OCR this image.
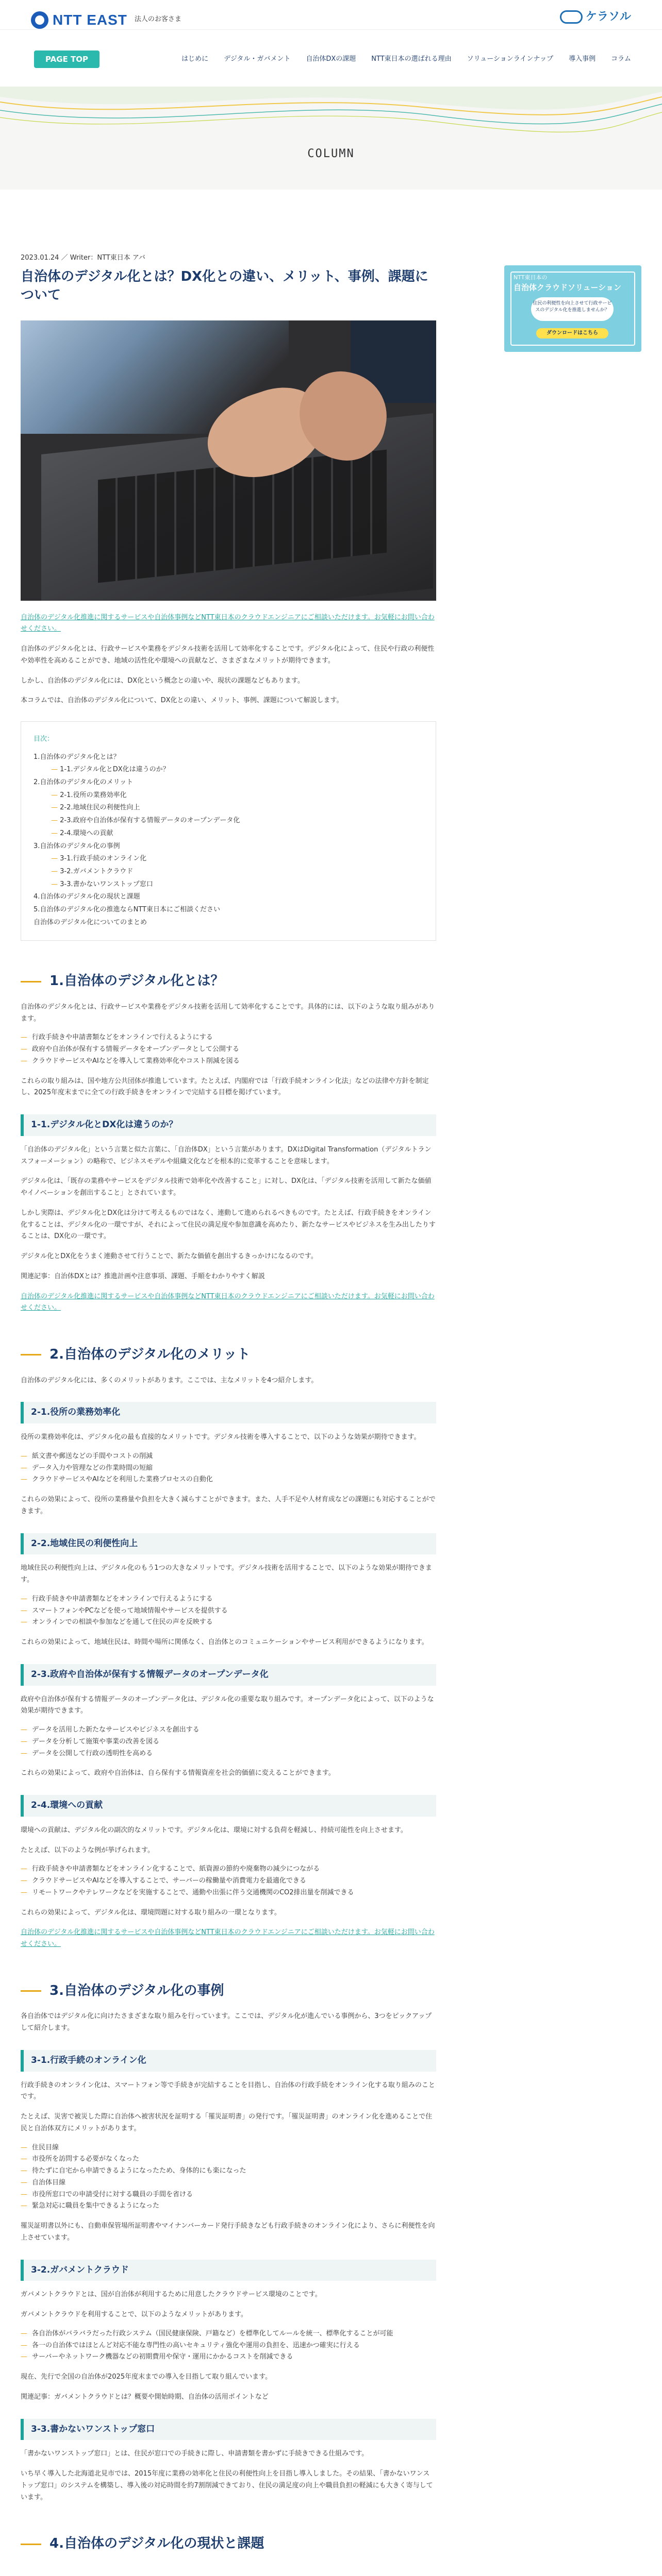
NTT EAST 法人のお客さま	ケラソル
PAGE TOP	はじめに デジタル・ガバメント 自治体DXの課題 NTT東日本の選ばれる理由 ソリューションラインナップ 導入事例 コラム
COLUMN
2023.01.24 ／ Writer：NTT東日本 アバ
自治体のデジタル化とは？DX化との違い、メリット、事例、課題について

自治体のデジタル化推進に関するサービスや自治体事例などNTT東日本のクラウドエンジニアにご相談いただけます。お気軽にお問い合わせください。

自治体のデジタル化とは、行政サービスや業務をデジタル技術を活用して効率化することです。デジタル化によって、住民や行政の利便性や効率性を高めることができ、地域の活性化や環境への貢献など、さまざまなメリットが期待できます。

しかし、自治体のデジタル化には、DX化という概念との違いや、現状の課題などもあります。

本コラムでは、自治体のデジタル化について、DX化との違い、メリット、事例、課題について解説します。

目次：
1.自治体のデジタル化とは？
— 1-1.デジタル化とDX化は違うのか？
2.自治体のデジタル化のメリット
— 2-1.役所の業務効率化
— 2-2.地域住民の利便性向上
— 2-3.政府や自治体が保有する情報データのオープンデータ化
— 2-4.環境への貢献
3.自治体のデジタル化の事例
— 3-1.行政手続のオンライン化
— 3-2.ガバメントクラウド
— 3-3.書かないワンストップ窓口
4.自治体のデジタル化の現状と課題
5.自治体のデジタル化の推進ならNTT東日本にご相談ください
自治体のデジタル化についてのまとめ
1.自治体のデジタル化とは？

自治体のデジタル化とは、行政サービスや業務をデジタル技術を活用して効率化することです。具体的には、以下のような取り組みがあります。

— 行政手続きや申請書類などをオンラインで行えるようにする
— 政府や自治体が保有する情報データをオープンデータとして公開する
— クラウドサービスやAIなどを導入して業務効率化やコスト削減を図る

これらの取り組みは、国や地方公共団体が推進しています。たとえば、内閣府では「行政手続オンライン化法」などの法律や方針を制定し、2025年度末までに全ての行政手続きをオンラインで完結する目標を掲げています。

1-1.デジタル化とDX化は違うのか？

「自治体のデジタル化」という言葉と似た言葉に、「自治体DX」という言葉があります。DXはDigital Transformation（デジタルトランスフォーメーション）の略称で、ビジネスモデルや組織文化などを根本的に変革することを意味します。

デジタル化は、「既存の業務やサービスをデジタル技術で効率化や改善すること」に対し、DX化は、「デジタル技術を活用して新たな価値やイノベーションを創出すること」とされています。

しかし実際は、デジタル化とDX化は分けて考えるものではなく、連動して進められるべきものです。たとえば、行政手続きをオンライン化することは、デジタル化の一環ですが、それによって住民の満足度や参加意識を高めたり、新たなサービスやビジネスを生み出したりすることは、DX化の一環です。

デジタル化とDX化をうまく連動させて行うことで、新たな価値を創出するきっかけになるのです。

関連記事：自治体DXとは？推進計画や注意事項、課題、手順をわかりやすく解説

自治体のデジタル化推進に関するサービスや自治体事例などNTT東日本のクラウドエンジニアにご相談いただけます。お気軽にお問い合わせください。

2.自治体のデジタル化のメリット

自治体のデジタル化には、多くのメリットがあります。ここでは、主なメリットを4つ紹介します。

2-1.役所の業務効率化

役所の業務効率化は、デジタル化の最も直接的なメリットです。デジタル技術を導入することで、以下のような効果が期待できます。

— 紙文書や郵送などの手間やコストの削減
— データ入力や管理などの作業時間の短縮
— クラウドサービスやAIなどを利用した業務プロセスの自動化

これらの効果によって、役所の業務量や負担を大きく減らすことができます。また、人手不足や人材育成などの課題にも対応することができます。

2-2.地域住民の利便性向上

地域住民の利便性向上は、デジタル化のもう1つの大きなメリットです。デジタル技術を活用することで、以下のような効果が期待できます。

— 行政手続きや申請書類などをオンラインで行えるようにする
— スマートフォンやPCなどを使って地域情報やサービスを提供する
— オンラインでの相談や参加などを通して住民の声を反映する

これらの効果によって、地域住民は、時間や場所に関係なく、自治体とのコミュニケーションやサービス利用ができるようになります。

2-3.政府や自治体が保有する情報データのオープンデータ化

政府や自治体が保有する情報データのオープンデータ化は、デジタル化の重要な取り組みです。オープンデータ化によって、以下のような効果が期待できます。

— データを活用した新たなサービスやビジネスを創出する
— データを分析して施策や事業の改善を図る
— データを公開して行政の透明性を高める

これらの効果によって、政府や自治体は、自ら保有する情報資産を社会的価値に変えることができます。

2-4.環境への貢献

環境への貢献は、デジタル化の副次的なメリットです。デジタル化は、環境に対する負荷を軽減し、持続可能性を向上させます。

たとえば、以下のような例が挙げられます。

— 行政手続きや申請書類などをオンライン化することで、紙資源の節約や廃棄物の減少につながる
— クラウドサービスやAIなどを導入することで、サーバーの稼働量や消費電力を最適化できる
— リモートワークやテレワークなどを実施することで、通勤や出張に伴う交通機関のCO2排出量を削減できる

これらの効果によって、デジタル化は、環境問題に対する取り組みの一環となります。

自治体のデジタル化推進に関するサービスや自治体事例などNTT東日本のクラウドエンジニアにご相談いただけます。お気軽にお問い合わせください。

3.自治体のデジタル化の事例

各自治体ではデジタル化に向けたさまざまな取り組みを行っています。ここでは、デジタル化が進んでいる事例から、3つをピックアップして紹介します。

3-1.行政手続のオンライン化

行政手続きのオンライン化は、スマートフォン等で手続きが完結することを目指し、自治体の行政手続をオンライン化する取り組みのことです。

たとえば、災害で被災した際に自治体へ被害状況を証明する「罹災証明書」の発行です。「罹災証明書」のオンライン化を進めることで住民と自治体双方にメリットがあります。

— 住民目線
— 市役所を訪問する必要がなくなった
— 待たずに自宅から申請できるようになったため、身体的にも楽になった
— 自治体目線
— 市役所窓口での申請受付に対する職員の手間を省ける
— 緊急対応に職員を集中できるようになった

罹災証明書以外にも、自動車保管場所証明書やマイナンバーカード発行手続きなども行政手続きのオンライン化により、さらに利便性を向上させています。

3-2.ガバメントクラウド

ガバメントクラウドとは、国が自治体が利用するために用意したクラウドサービス環境のことです。

ガバメントクラウドを利用することで、以下のようなメリットがあります。

— 各自治体がバラバラだった行政システム（国民健康保険、戸籍など）を標準化してルールを統一、標準化することが可能
— 各一の自治体ではほとんど対応不能な専門性の高いセキュリティ強化や運用の負担を、迅速かつ確実に行える
— サーバーやネットワーク機器などの初期費用や保守・運用にかかるコストを削減できる

現在、先行で全国の自治体が2025年度末までの導入を目指して取り組んでいます。

関連記事：ガバメントクラウドとは？概要や開始時期、自治体の活用ポイントなど

3-3.書かないワンストップ窓口

「書かないワンストップ窓口」とは、住民が窓口での手続きに際し、申請書類を書かずに手続きできる仕組みです。

いち早く導入した北海道北見市では、2015年度に業務の効率化と住民の利便性向上を目指し導入しました。その結果、「書かないワンストップ窓口」のシステムを構築し、導入後の対応時間を約7割削減できており、住民の満足度の向上や職員負担の軽減にも大きく寄与しています。

4.自治体のデジタル化の現状と課題
NTT東日本の
自治体クラウドソリューション
住民の利便性を向上させて行政サービスのデジタル化を推進しませんか？
ダウンロードはこちら
